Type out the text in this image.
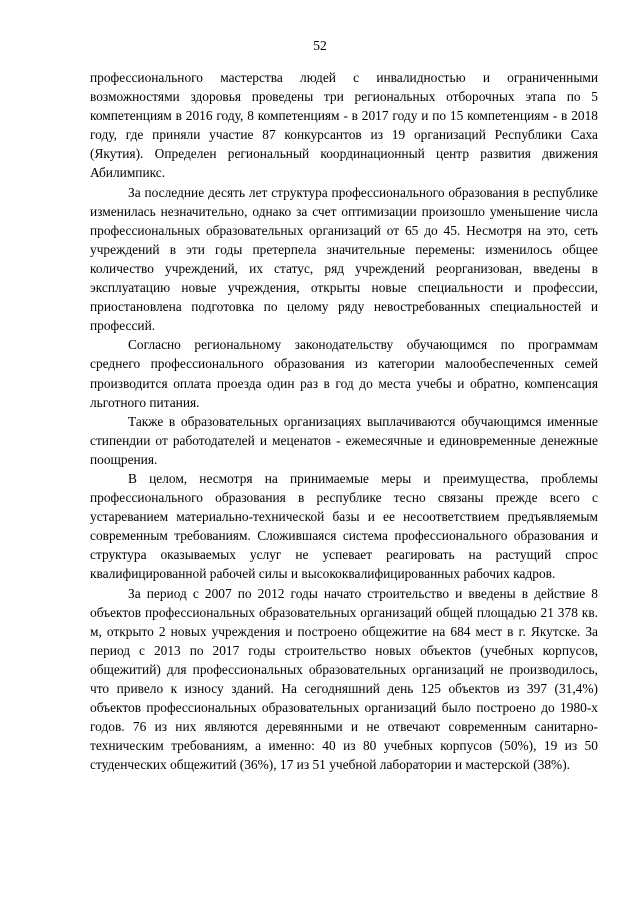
52

профессионального мастерства людей с инвалидностью и ограниченными возможностями здоровья проведены три региональных отборочных этапа по 5 компетенциям в 2016 году, 8 компетенциям - в 2017 году и по 15 компетенциям - в 2018 году, где приняли участие 87 конкурсантов из 19 организаций Республики Саха (Якутия). Определен региональный координационный центр развития движения Абилимпикс.

За последние десять лет структура профессионального образования в республике изменилась незначительно, однако за счет оптимизации произошло уменьшение числа профессиональных образовательных организаций от 65 до 45. Несмотря на это, сеть учреждений в эти годы претерпела значительные перемены: изменилось общее количество учреждений, их статус, ряд учреждений реорганизован, введены в эксплуатацию новые учреждения, открыты новые специальности и профессии, приостановлена подготовка по целому ряду невостребованных специальностей и профессий.

Согласно региональному законодательству обучающимся по программам среднего профессионального образования из категории малообеспеченных семей производится оплата проезда один раз в год до места учебы и обратно, компенсация льготного питания.

Также в образовательных организациях выплачиваются обучающимся именные стипендии от работодателей и меценатов - ежемесячные и единовременные денежные поощрения.

В целом, несмотря на принимаемые меры и преимущества, проблемы профессионального образования в республике тесно связаны прежде всего с устареванием материально-технической базы и ее несоответствием предъявляемым современным требованиям. Сложившаяся система профессионального образования и структура оказываемых услуг не успевает реагировать на растущий спрос квалифицированной рабочей силы и высококвалифицированных рабочих кадров.

За период с 2007 по 2012 годы начато строительство и введены в действие 8 объектов профессиональных образовательных организаций общей площадью 21 378 кв. м, открыто 2 новых учреждения и построено общежитие на 684 мест в г. Якутске. За период с 2013 по 2017 годы строительство новых объектов (учебных корпусов, общежитий) для профессиональных образовательных организаций не производилось, что привело к износу зданий. На сегодняшний день 125 объектов из 397 (31,4%) объектов профессиональных образовательных организаций было построено до 1980-х годов. 76 из них являются деревянными и не отвечают современным санитарно-техническим требованиям, а именно: 40 из 80 учебных корпусов (50%), 19 из 50 студенческих общежитий (36%), 17 из 51 учебной лаборатории и мастерской (38%).
